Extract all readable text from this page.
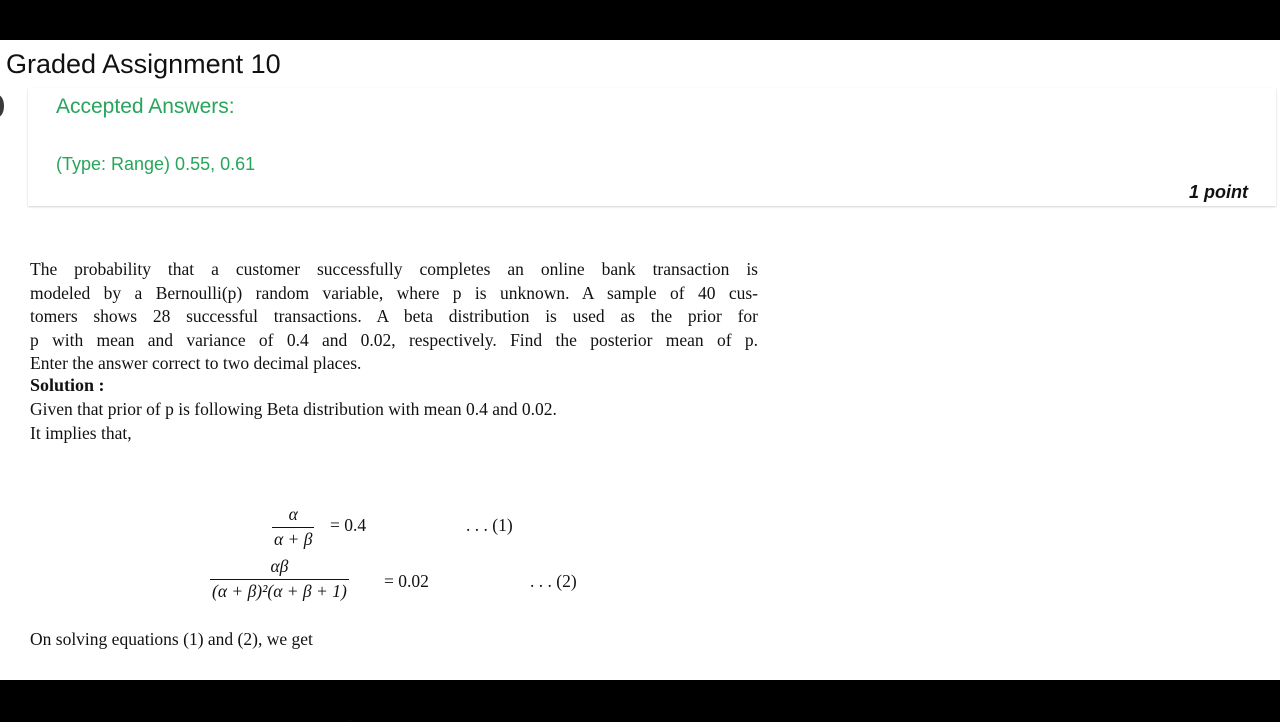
Graded Assignment 10
Accepted Answers:
(Type: Range) 0.55, 0.61
1 point

The probability that a customer successfully completes an online bank transaction is
modeled by a Bernoulli(p) random variable, where p is unknown. A sample of 40 cus-
tomers shows 28 successful transactions. A beta distribution is used as the prior for
p with mean and variance of 0.4 and 0.02, respectively. Find the posterior mean of p.
Enter the answer correct to two decimal places.

Solution :
Given that prior of p is following Beta distribution with mean 0.4 and 0.02.
It implies that,
α
α + β
= 0.4	. . . (1)
αβ
(α + β)²(α + β + 1) = 0.02	. . . (2)
On solving equations (1) and (2), we get
